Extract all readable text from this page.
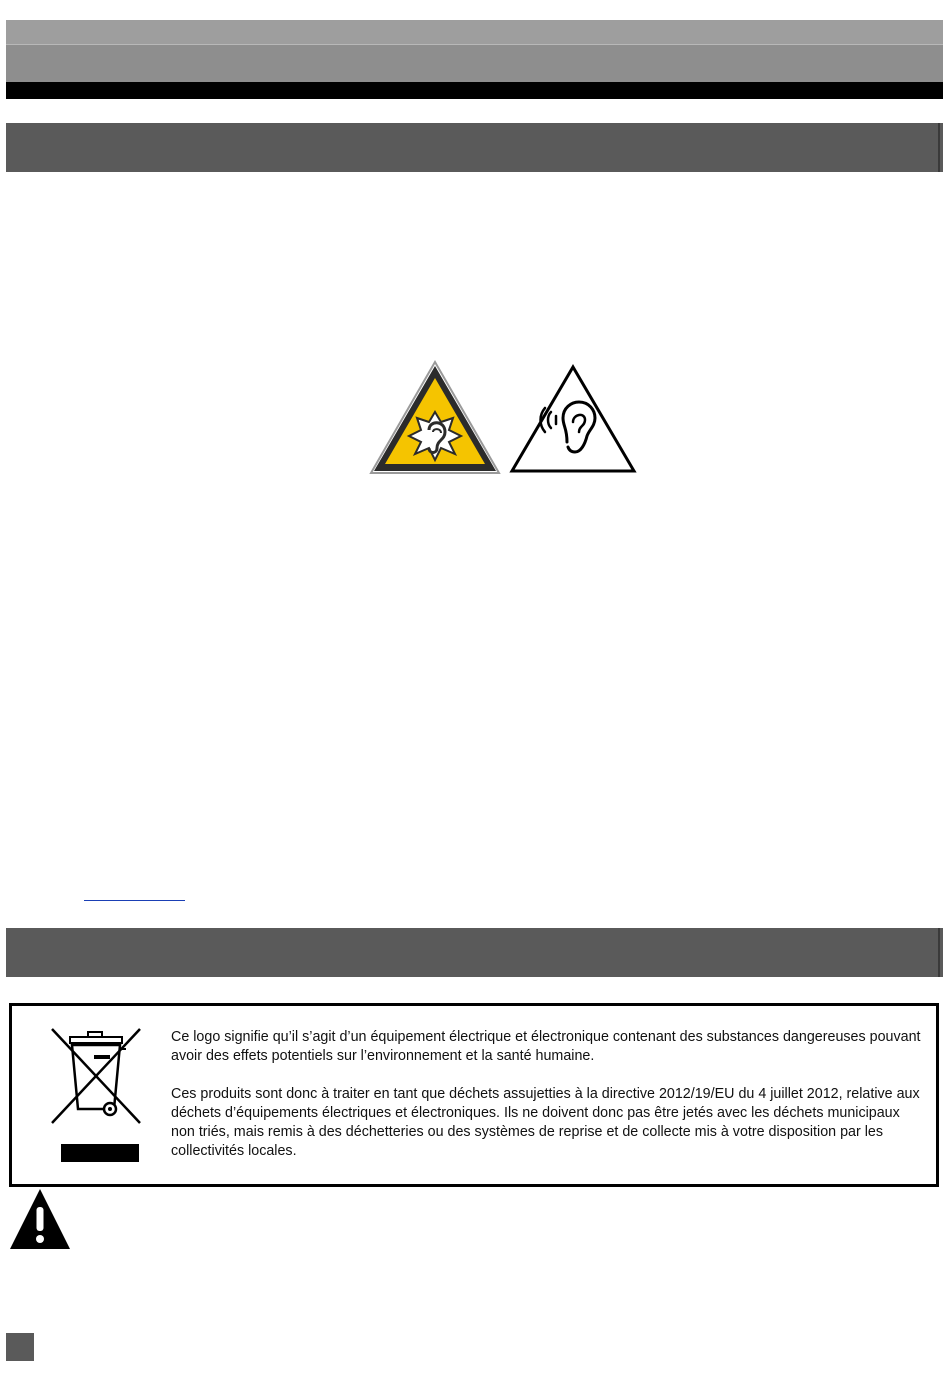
Ce logo signifie qu’il s’agit d’un équipement électrique et électronique contenant des substances dangereuses pouvant avoir des effets potentiels sur l’environnement et la santé humaine.

Ces produits sont donc à traiter en tant que déchets assujetties à la directive 2012/19/EU du 4 juillet 2012, relative aux déchets d’équipements électriques et électroniques. Ils ne doivent donc pas être jetés avec les déchets municipaux non triés, mais remis à des déchetteries ou des systèmes de reprise et de collecte mis à votre disposition par les collectivités locales.
